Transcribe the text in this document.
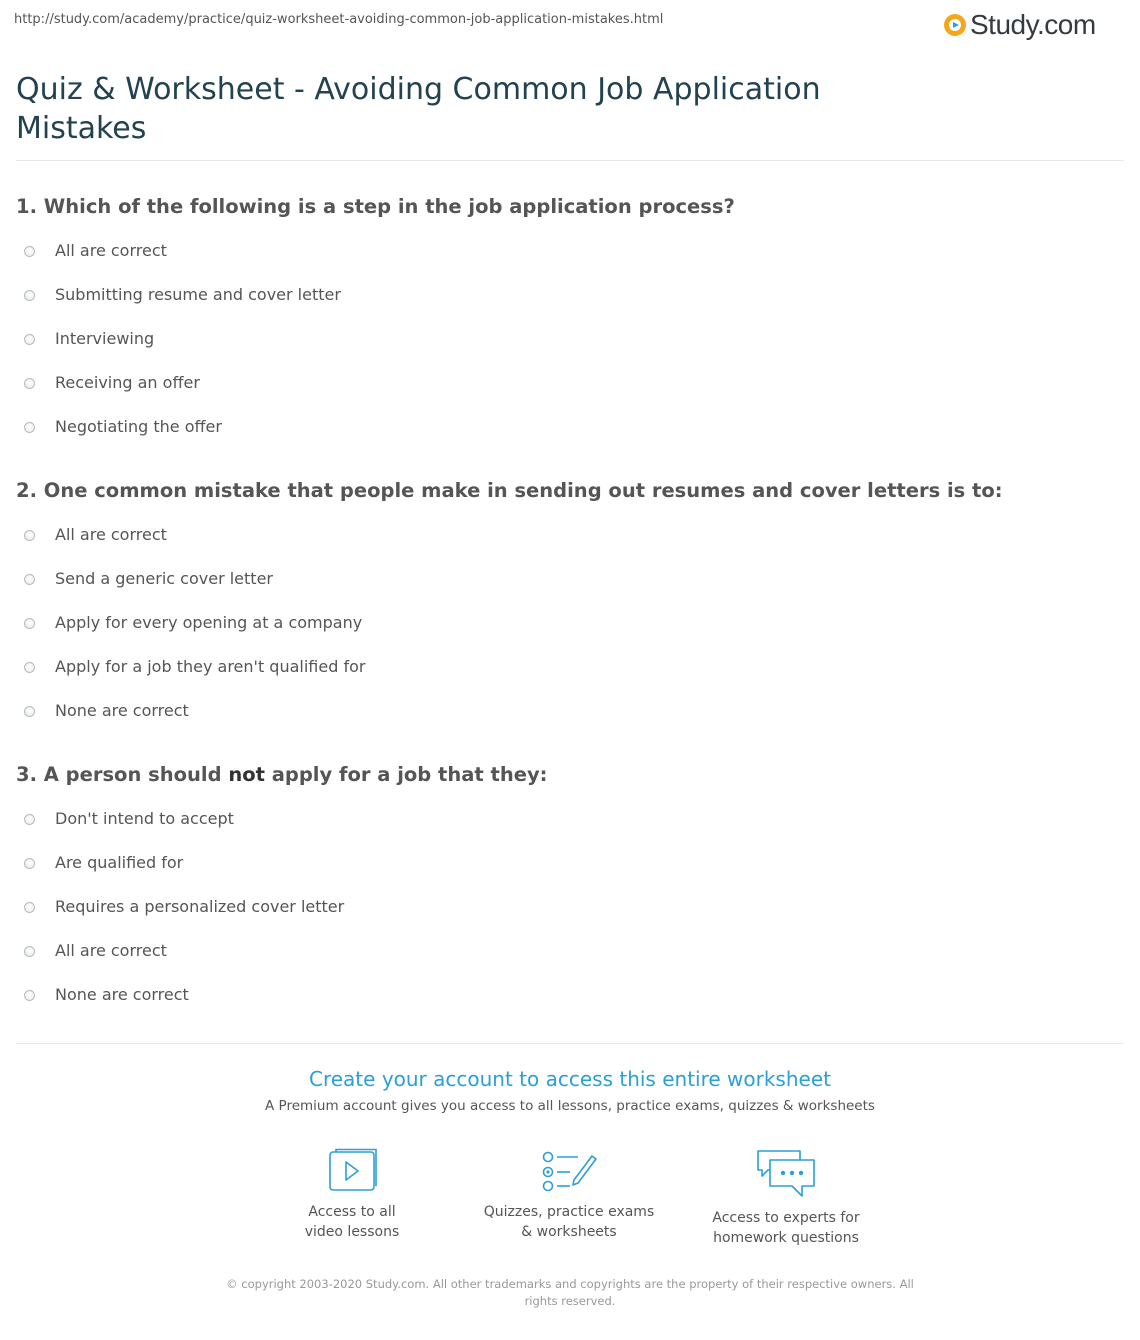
http://study.com/academy/practice/quiz-worksheet-avoiding-common-job-application-mistakes.html	Study.com
Quiz & Worksheet - Avoiding Common Job Application Mistakes
1. Which of the following is a step in the job application process?
All are correct
Submitting resume and cover letter
Interviewing
Receiving an offer
Negotiating the offer
2. One common mistake that people make in sending out resumes and cover letters is to:
All are correct
Send a generic cover letter
Apply for every opening at a company
Apply for a job they aren't qualified for
None are correct
3. A person should not apply for a job that they:
Don't intend to accept
Are qualified for
Requires a personalized cover letter
All are correct
None are correct
Create your account to access this entire worksheet
A Premium account gives you access to all lessons, practice exams, quizzes & worksheets
Access to all
video lessons
Quizzes, practice exams
& worksheets
Access to experts for
homework questions
© copyright 2003-2020 Study.com. All other trademarks and copyrights are the property of their respective owners. All rights reserved.
